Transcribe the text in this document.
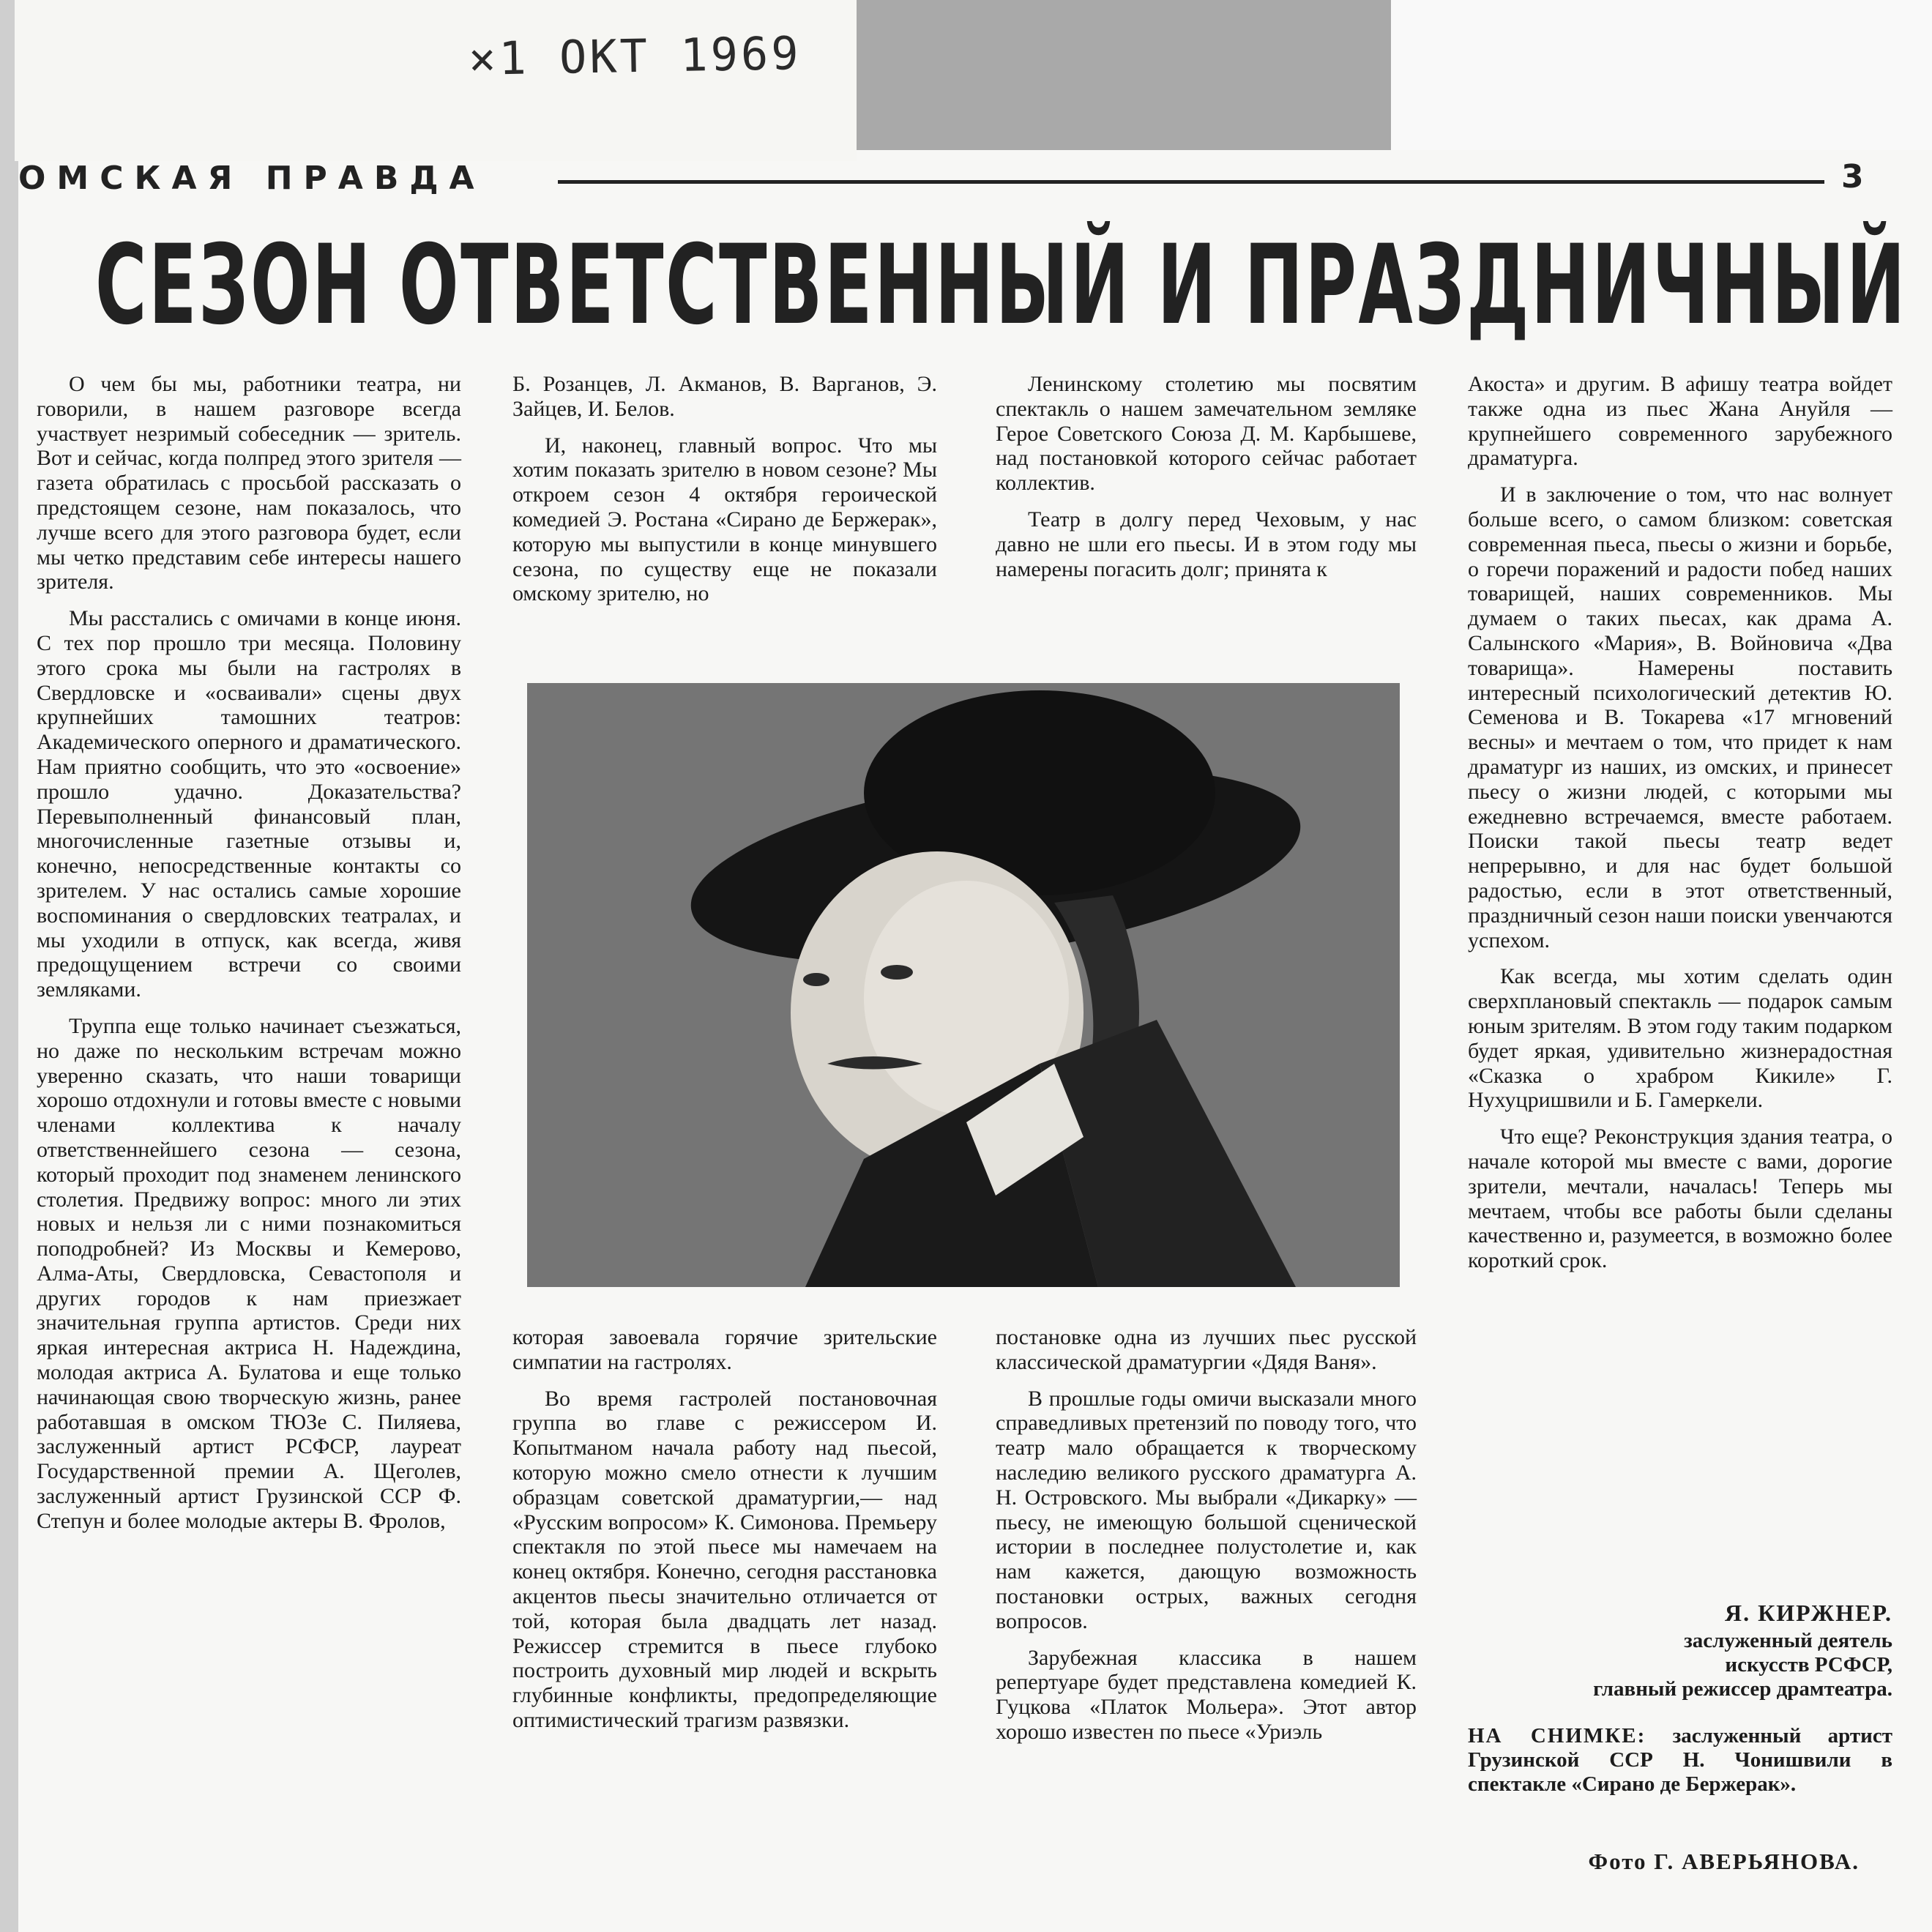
×1 ОКТ 1969
ОМСКАЯ ПРАВДА	3
СЕЗОН ОТВЕТСТВЕННЫЙ И ПРАЗДНИЧНЫЙ

О чем бы мы, работники театра, ни говорили, в нашем разговоре всегда участвует незримый собеседник — зритель. Вот и сейчас, когда полпред этого зрителя — газета обратилась с просьбой рассказать о предстоящем сезоне, нам показалось, что лучше всего для этого разговора будет, если мы четко представим себе интересы нашего зрителя.

Мы расстались с омичами в конце июня. С тех пор прошло три месяца. Половину этого срока мы были на гастролях в Свердловске и «осваивали» сцены двух крупнейших тамошних театров: Академического оперного и драматического. Нам приятно сообщить, что это «освоение» прошло удачно. Доказательства? Перевыполненный финансовый план, многочисленные газетные отзывы и, конечно, непосредственные контакты со зрителем. У нас остались самые хорошие воспоминания о свердловских театралах, и мы уходили в отпуск, как всегда, живя предощущением встречи со своими земляками.

Труппа еще только начинает съезжаться, но даже по нескольким встречам можно уверенно сказать, что наши товарищи хорошо отдохнули и готовы вместе с новыми членами коллектива к началу ответственнейшего сезона — сезона, который проходит под знаменем ленинского столетия. Предвижу вопрос: много ли этих новых и нельзя ли с ними познакомиться поподробней? Из Москвы и Кемерово, Алма-Аты, Свердловска, Севастополя и других городов к нам приезжает значительная группа артистов. Среди них яркая интересная актриса Н. Надеждина, молодая актриса А. Булатова и еще только начинающая свою творческую жизнь, ранее работавшая в омском ТЮЗе С. Пиляева, заслуженный артист РСФСР, лауреат Государственной премии А. Щеголев, заслуженный артист Грузинской ССР Ф. Степун и более молодые актеры В. Фролов,

Б. Розанцев, Л. Акманов, В. Варганов, Э. Зайцев, И. Белов.

И, наконец, главный вопрос. Что мы хотим показать зрителю в новом сезоне? Мы откроем сезон 4 октября героической комедией Э. Ростана «Сирано де Бержерак», которую мы выпустили в конце минувшего сезона, по существу еще не показали омскому зрителю, но

Ленинскому столетию мы посвятим спектакль о нашем замечательном земляке Герое Советского Союза Д. М. Карбышеве, над постановкой которого сейчас работает коллектив.

Театр в долгу перед Чеховым, у нас давно не шли его пьесы. И в этом году мы намерены погасить долг; принята к

Акоста» и другим. В афишу театра войдет также одна из пьес Жана Ануйля — крупнейшего современного зарубежного драматурга.

И в заключение о том, что нас волнует больше всего, о самом близком: советская современная пьеса, пьесы о жизни и борьбе, о горечи поражений и радости побед наших товарищей, наших современников. Мы думаем о таких пьесах, как драма А. Салынского «Мария», В. Войновича «Два товарища». Намерены поставить интересный психологический детектив Ю. Семенова и В. Токарева «17 мгновений весны» и мечтаем о том, что придет к нам драматург из наших, из омских, и принесет пьесу о жизни людей, с которыми мы ежедневно встречаемся, вместе работаем. Поиски такой пьесы театр ведет непрерывно, и для нас будет большой радостью, если в этот ответственный, праздничный сезон наши поиски увенчаются успехом.

Как всегда, мы хотим сделать один сверхплановый спектакль — подарок самым юным зрителям. В этом году таким подарком будет яркая, удивительно жизнерадостная «Сказка о храбром Кикиле» Г. Нухуцришвили и Б. Гамеркели.

Что еще? Реконструкция здания театра, о начале которой мы вместе с вами, дорогие зрители, мечтали, началась! Теперь мы мечтаем, чтобы все работы были сделаны качественно и, разумеется, в возможно более короткий срок.

которая завоевала горячие зрительские симпатии на гастролях.

Во время гастролей постановочная группа во главе с режиссером И. Копытманом начала работу над пьесой, которую можно смело отнести к лучшим образцам советской драматургии,— над «Русским вопросом» К. Симонова. Премьеру спектакля по этой пьесе мы намечаем на конец октября. Конечно, сегодня расстановка акцентов пьесы значительно отличается от той, которая была двадцать лет назад. Режиссер стремится в пьесе глубоко построить духовный мир людей и вскрыть глубинные конфликты, предопределяющие оптимистический трагизм развязки.

постановке одна из лучших пьес русской классической драматургии «Дядя Ваня».

В прошлые годы омичи высказали много справедливых претензий по поводу того, что театр мало обращается к творческому наследию великого русского драматурга А. Н. Островского. Мы выбрали «Дикарку» — пьесу, не имеющую большой сценической истории в последнее полустолетие и, как нам кажется, дающую возможность постановки острых, важных сегодня вопросов.

Зарубежная классика в нашем репертуаре будет представлена комедией К. Гуцкова «Платок Мольера». Этот автор хорошо известен по пьесе «Уриэль

Я. КИРЖНЕР.
заслуженный деятель
искусств РСФСР,
главный режиссер драмтеатра.
НА СНИМКЕ: заслуженный артист Грузинской ССР Н. Чонишвили в спектакле «Сирано де Бержерак».
Фото Г. АВЕРЬЯНОВА.
